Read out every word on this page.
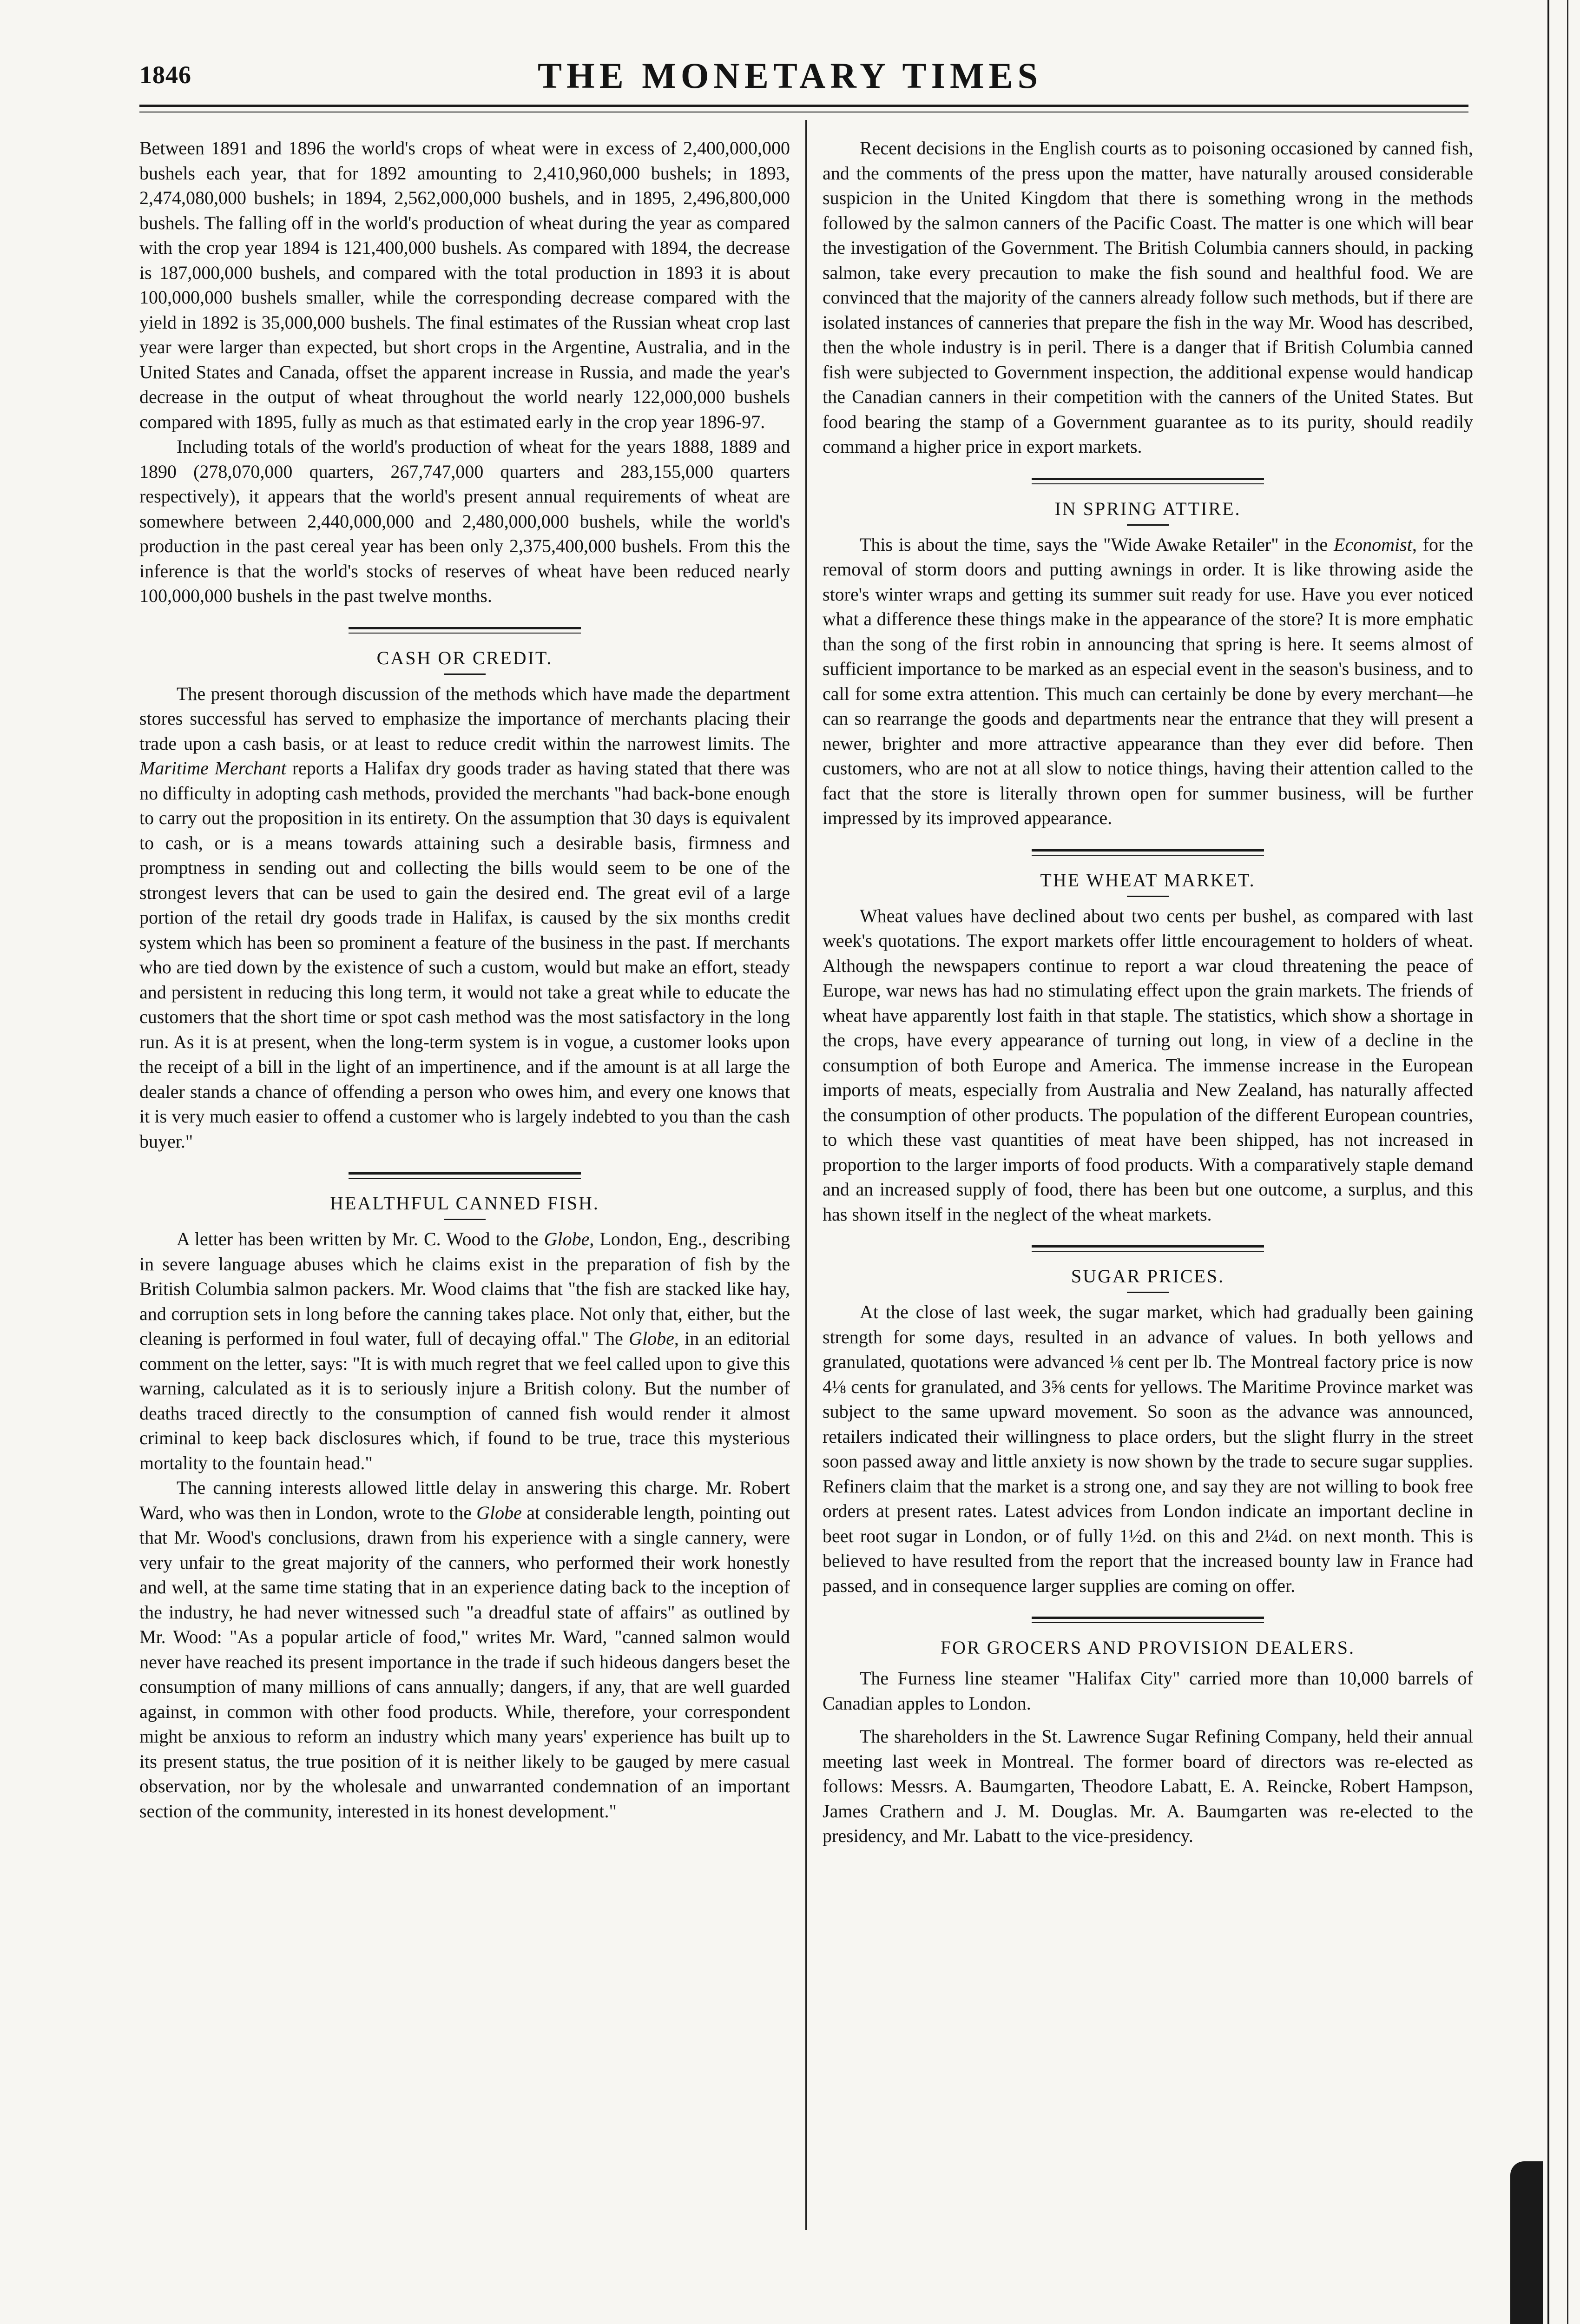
1846	THE MONETARY TIMES

Between 1891 and 1896 the world's crops of wheat were in excess of 2,400,000,000 bushels each year, that for 1892 amounting to 2,410,960,000 bushels; in 1893, 2,474,080,000 bushels; in 1894, 2,562,000,000 bushels, and in 1895, 2,496,800,000 bushels. The falling off in the world's production of wheat during the year as compared with the crop year 1894 is 121,400,000 bushels. As compared with 1894, the decrease is 187,000,000 bushels, and compared with the total production in 1893 it is about 100,000,000 bushels smaller, while the corresponding decrease compared with the yield in 1892 is 35,000,000 bushels. The final estimates of the Russian wheat crop last year were larger than expected, but short crops in the Argentine, Australia, and in the United States and Canada, offset the apparent increase in Russia, and made the year's decrease in the output of wheat throughout the world nearly 122,000,000 bushels compared with 1895, fully as much as that estimated early in the crop year 1896-97.

Including totals of the world's production of wheat for the years 1888, 1889 and 1890 (278,070,000 quarters, 267,747,000 quarters and 283,155,000 quarters respectively), it appears that the world's present annual requirements of wheat are somewhere between 2,440,000,000 and 2,480,000,000 bushels, while the world's production in the past cereal year has been only 2,375,400,000 bushels. From this the inference is that the world's stocks of reserves of wheat have been reduced nearly 100,000,000 bushels in the past twelve months.

CASH OR CREDIT.

The present thorough discussion of the methods which have made the department stores successful has served to emphasize the importance of merchants placing their trade upon a cash basis, or at least to reduce credit within the narrowest limits. The Maritime Merchant reports a Halifax dry goods trader as having stated that there was no difficulty in adopting cash methods, provided the merchants "had back-bone enough to carry out the proposition in its entirety. On the assumption that 30 days is equivalent to cash, or is a means towards attaining such a desirable basis, firmness and promptness in sending out and collecting the bills would seem to be one of the strongest levers that can be used to gain the desired end. The great evil of a large portion of the retail dry goods trade in Halifax, is caused by the six months credit system which has been so prominent a feature of the business in the past. If merchants who are tied down by the existence of such a custom, would but make an effort, steady and persistent in reducing this long term, it would not take a great while to educate the customers that the short time or spot cash method was the most satisfactory in the long run. As it is at present, when the long-term system is in vogue, a customer looks upon the receipt of a bill in the light of an impertinence, and if the amount is at all large the dealer stands a chance of offending a person who owes him, and every one knows that it is very much easier to offend a customer who is largely indebted to you than the cash buyer."

HEALTHFUL CANNED FISH.

A letter has been written by Mr. C. Wood to the Globe, London, Eng., describing in severe language abuses which he claims exist in the preparation of fish by the British Columbia salmon packers. Mr. Wood claims that "the fish are stacked like hay, and corruption sets in long before the canning takes place. Not only that, either, but the cleaning is performed in foul water, full of decaying offal." The Globe, in an editorial comment on the letter, says: "It is with much regret that we feel called upon to give this warning, calculated as it is to seriously injure a British colony. But the number of deaths traced directly to the consumption of canned fish would render it almost criminal to keep back disclosures which, if found to be true, trace this mysterious mortality to the fountain head."

The canning interests allowed little delay in answering this charge. Mr. Robert Ward, who was then in London, wrote to the Globe at considerable length, pointing out that Mr. Wood's conclusions, drawn from his experience with a single cannery, were very unfair to the great majority of the canners, who performed their work honestly and well, at the same time stating that in an experience dating back to the inception of the industry, he had never witnessed such "a dreadful state of affairs" as outlined by Mr. Wood: "As a popular article of food," writes Mr. Ward, "canned salmon would never have reached its present importance in the trade if such hideous dangers beset the consumption of many millions of cans annually; dangers, if any, that are well guarded against, in common with other food products. While, therefore, your correspondent might be anxious to reform an industry which many years' experience has built up to its present status, the true position of it is neither likely to be gauged by mere casual observation, nor by the wholesale and unwarranted condemnation of an important section of the community, interested in its honest development."

Recent decisions in the English courts as to poisoning occasioned by canned fish, and the comments of the press upon the matter, have naturally aroused considerable suspicion in the United Kingdom that there is something wrong in the methods followed by the salmon canners of the Pacific Coast. The matter is one which will bear the investigation of the Government. The British Columbia canners should, in packing salmon, take every precaution to make the fish sound and healthful food. We are convinced that the majority of the canners already follow such methods, but if there are isolated instances of canneries that prepare the fish in the way Mr. Wood has described, then the whole industry is in peril. There is a danger that if British Columbia canned fish were subjected to Government inspection, the additional expense would handicap the Canadian canners in their competition with the canners of the United States. But food bearing the stamp of a Government guarantee as to its purity, should readily command a higher price in export markets.

IN SPRING ATTIRE.

This is about the time, says the "Wide Awake Retailer" in the Economist, for the removal of storm doors and putting awnings in order. It is like throwing aside the store's winter wraps and getting its summer suit ready for use. Have you ever noticed what a difference these things make in the appearance of the store? It is more emphatic than the song of the first robin in announcing that spring is here. It seems almost of sufficient importance to be marked as an especial event in the season's business, and to call for some extra attention. This much can certainly be done by every merchant—he can so rearrange the goods and departments near the entrance that they will present a newer, brighter and more attractive appearance than they ever did before. Then customers, who are not at all slow to notice things, having their attention called to the fact that the store is literally thrown open for summer business, will be further impressed by its improved appearance.

THE WHEAT MARKET.

Wheat values have declined about two cents per bushel, as compared with last week's quotations. The export markets offer little encouragement to holders of wheat. Although the newspapers continue to report a war cloud threatening the peace of Europe, war news has had no stimulating effect upon the grain markets. The friends of wheat have apparently lost faith in that staple. The statistics, which show a shortage in the crops, have every appearance of turning out long, in view of a decline in the consumption of both Europe and America. The immense increase in the European imports of meats, especially from Australia and New Zealand, has naturally affected the consumption of other products. The population of the different European countries, to which these vast quantities of meat have been shipped, has not increased in proportion to the larger imports of food products. With a comparatively staple demand and an increased supply of food, there has been but one outcome, a surplus, and this has shown itself in the neglect of the wheat markets.

SUGAR PRICES.

At the close of last week, the sugar market, which had gradually been gaining strength for some days, resulted in an advance of values. In both yellows and granulated, quotations were advanced ⅛ cent per lb. The Montreal factory price is now 4⅛ cents for granulated, and 3⅝ cents for yellows. The Maritime Province market was subject to the same upward movement. So soon as the advance was announced, retailers indicated their willingness to place orders, but the slight flurry in the street soon passed away and little anxiety is now shown by the trade to secure sugar supplies. Refiners claim that the market is a strong one, and say they are not willing to book free orders at present rates. Latest advices from London indicate an important decline in beet root sugar in London, or of fully 1½d. on this and 2¼d. on next month. This is believed to have resulted from the report that the increased bounty law in France had passed, and in consequence larger supplies are coming on offer.

FOR GROCERS AND PROVISION DEALERS.

The Furness line steamer "Halifax City" carried more than 10,000 barrels of Canadian apples to London.

The shareholders in the St. Lawrence Sugar Refining Company, held their annual meeting last week in Montreal. The former board of directors was re-elected as follows: Messrs. A. Baumgarten, Theodore Labatt, E. A. Reincke, Robert Hampson, James Crathern and J. M. Douglas. Mr. A. Baumgarten was re-elected to the presidency, and Mr. Labatt to the vice-presidency.
